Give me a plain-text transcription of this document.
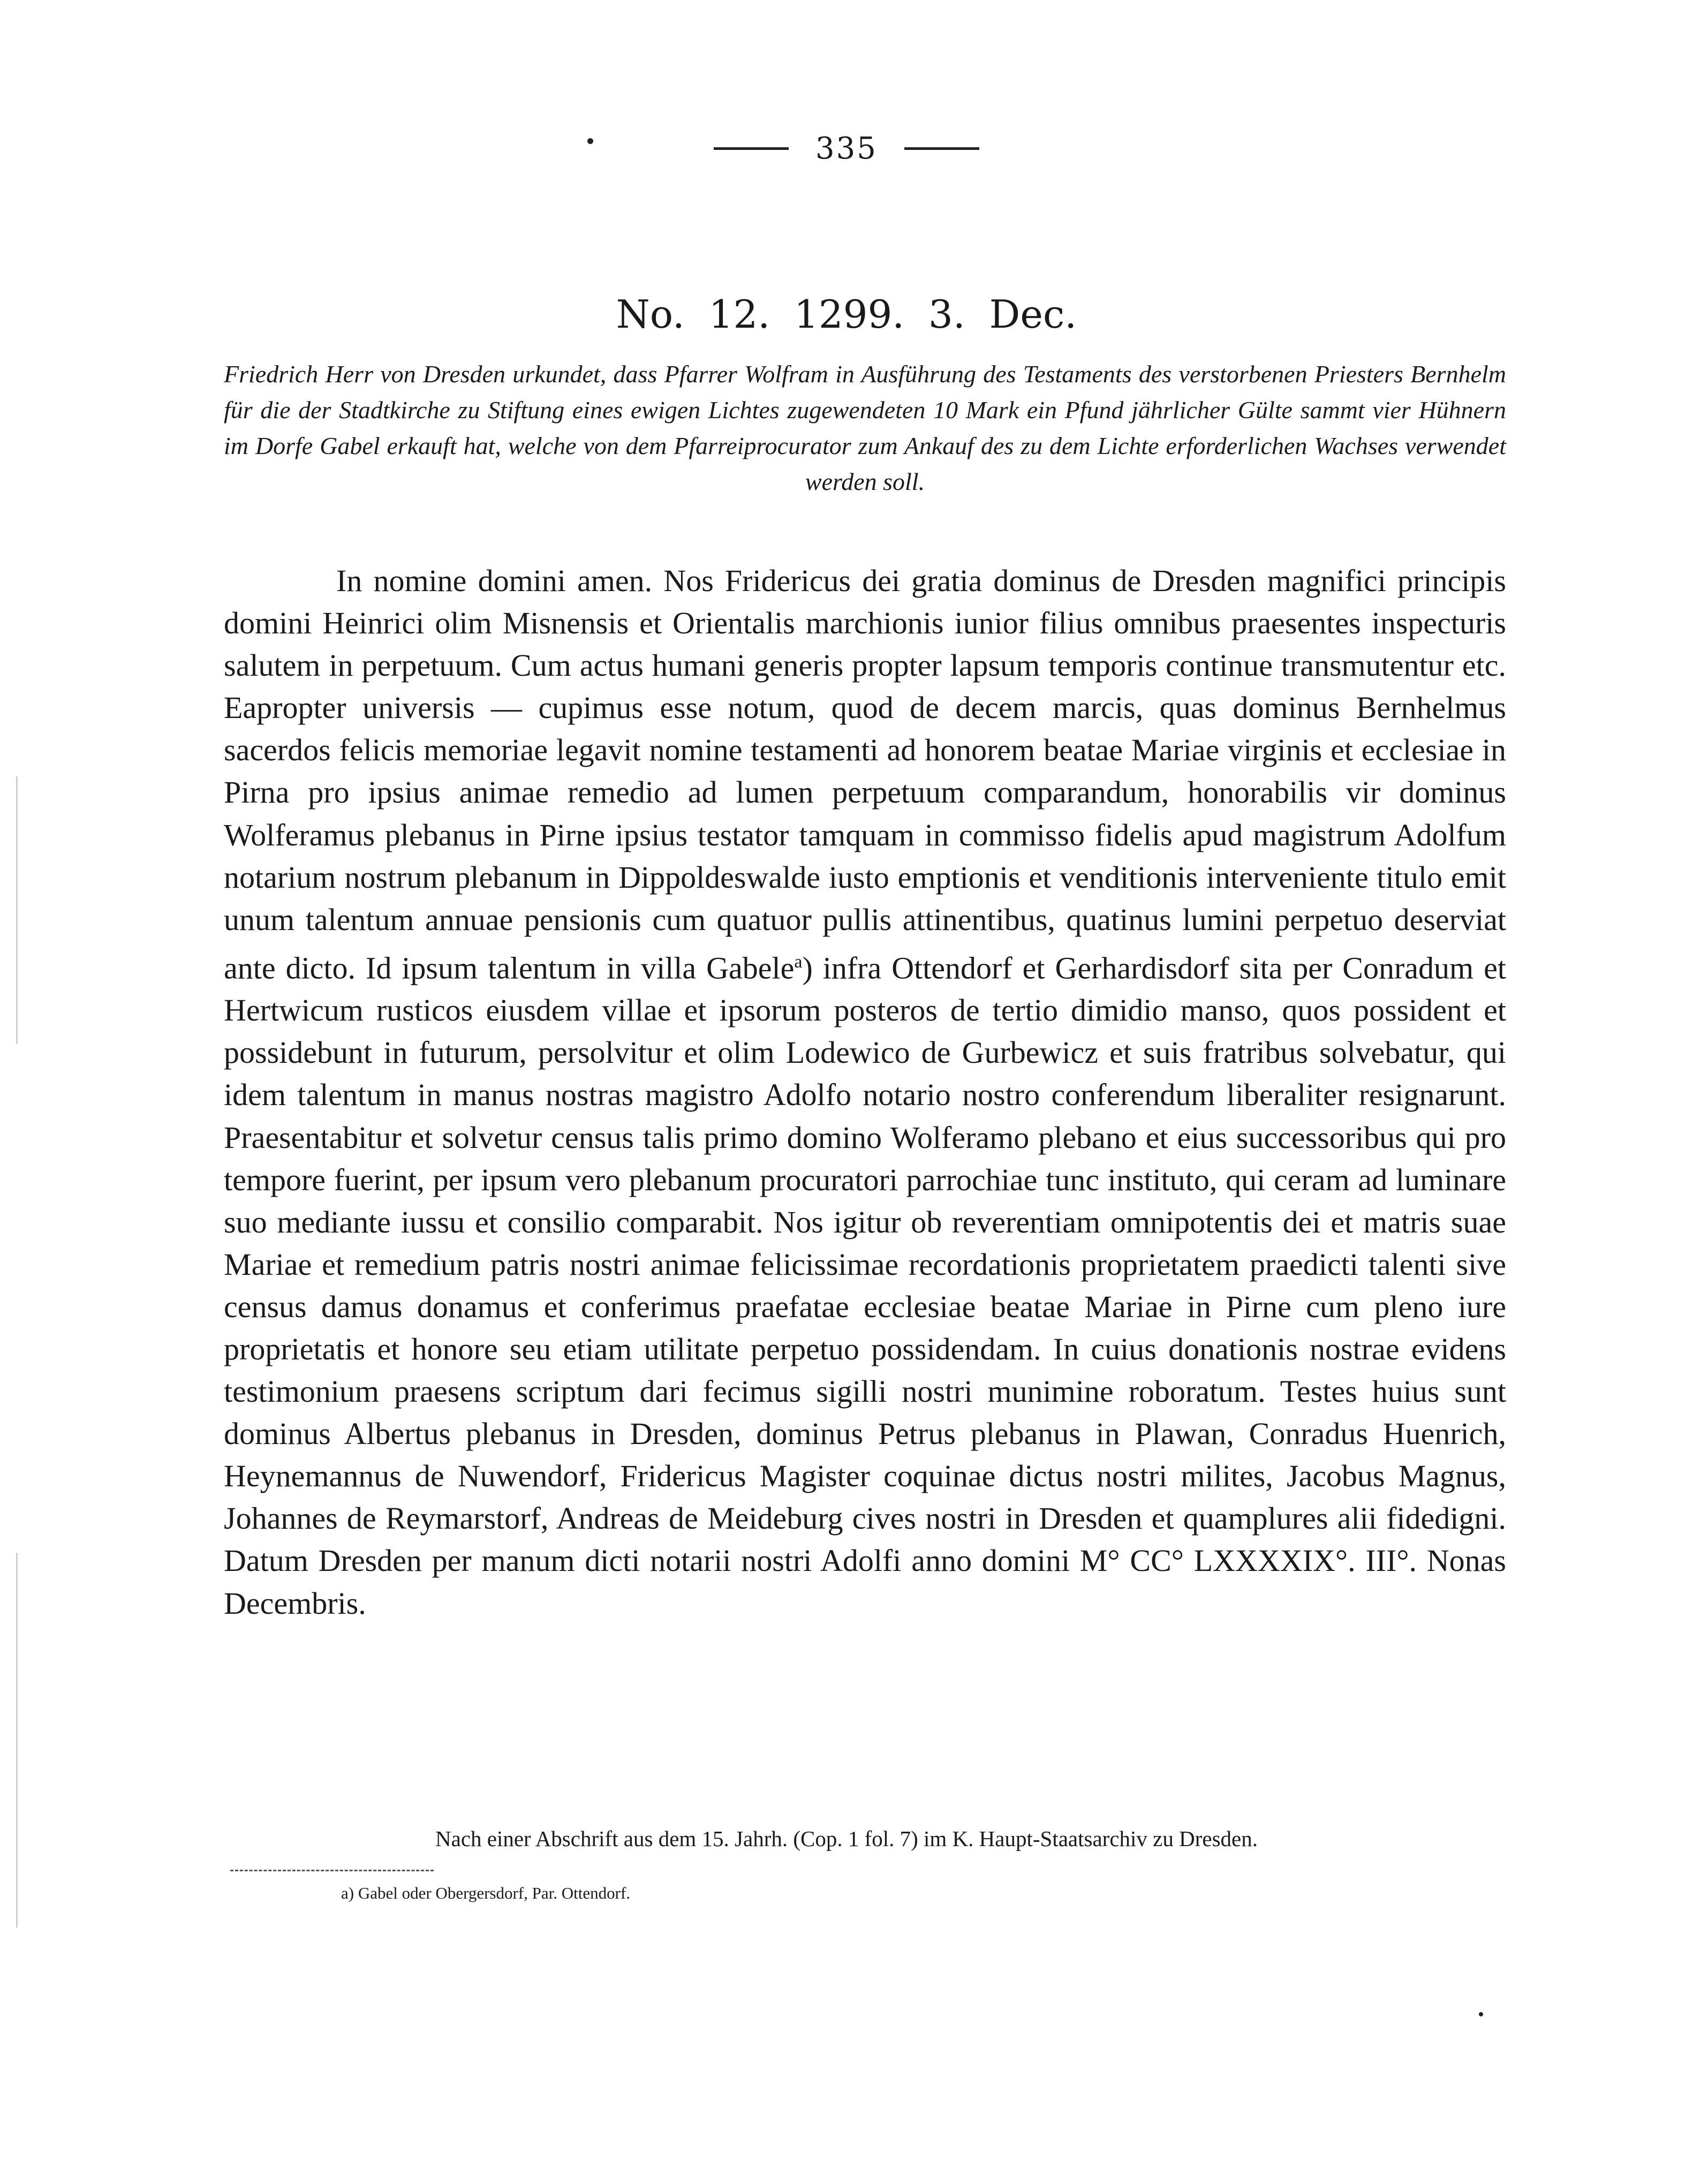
335
No. 12. 1299. 3. Dec.
Friedrich Herr von Dresden urkundet, dass Pfarrer Wolfram in Ausführung des Testaments des verstorbenen Priesters Bernhelm für die der Stadtkirche zu Stiftung eines ewigen Lichtes zugewendeten 10 Mark ein Pfund jährlicher Gülte sammt vier Hühnern im Dorfe Gabel erkauft hat, welche von dem Pfarreiprocurator zum Ankauf des zu dem Lichte erforderlichen Wachses verwendet werden soll.
In nomine domini amen. Nos Fridericus dei gratia dominus de Dresden magnifici principis domini Heinrici olim Misnensis et Orientalis marchionis iunior filius omnibus praesentes inspecturis salutem in perpetuum. Cum actus humani generis propter lapsum temporis continue transmutentur etc. Eapropter universis — cupimus esse notum, quod de decem marcis, quas dominus Bernhelmus sacerdos felicis memoriae legavit nomine testamenti ad honorem beatae Mariae virginis et ecclesiae in Pirna pro ipsius animae remedio ad lumen perpetuum comparandum, honorabilis vir dominus Wolferamus plebanus in Pirne ipsius testator tamquam in commisso fidelis apud magistrum Adolfum notarium nostrum plebanum in Dippoldeswalde iusto emptionis et venditionis interveniente titulo emit unum talentum annuae pensionis cum quatuor pullis attinentibus, quatinus lumini perpetuo deserviat ante dicto. Id ipsum talentum in villa Gabele$^a$) infra Ottendorf et Gerhardisdorf sita per Conradum et Hertwicum rusticos eiusdem villae et ipsorum posteros de tertio dimidio manso, quos possident et possidebunt in futurum, persolvitur et olim Lodewico de Gurbewicz et suis fratribus solvebatur, qui idem talentum in manus nostras magistro Adolfo notario nostro conferendum liberaliter resignarunt. Praesentabitur et solvetur census talis primo domino Wolferamo plebano et eius successoribus qui pro tempore fuerint, per ipsum vero plebanum procuratori parrochiae tunc instituto, qui ceram ad luminare suo mediante iussu et consilio comparabit. Nos igitur ob reverentiam omnipotentis dei et matris suae Mariae et remedium patris nostri animae felicissimae recordationis proprietatem praedicti talenti sive census damus donamus et conferimus praefatae ecclesiae beatae Mariae in Pirne cum pleno iure proprietatis et honore seu etiam utilitate perpetuo possidendam. In cuius donationis nostrae evidens testimonium praesens scriptum dari fecimus sigilli nostri munimine roboratum. Testes huius sunt dominus Albertus plebanus in Dresden, dominus Petrus plebanus in Plawan, Conradus Huenrich, Heynemannus de Nuwendorf, Fridericus Magister coquinae dictus nostri milites, Jacobus Magnus, Johannes de Reymarstorf, Andreas de Meideburg cives nostri in Dresden et quamplures alii fidedigni. Datum Dresden per manum dicti notarii nostri Adolfi anno domini M° CC° LXXXXIX°. III°. Nonas Decembris.
Nach einer Abschrift aus dem 15. Jahrh. (Cop. 1 fol. 7) im K. Haupt-Staatsarchiv zu Dresden.
a) Gabel oder Obergersdorf, Par. Ottendorf.
